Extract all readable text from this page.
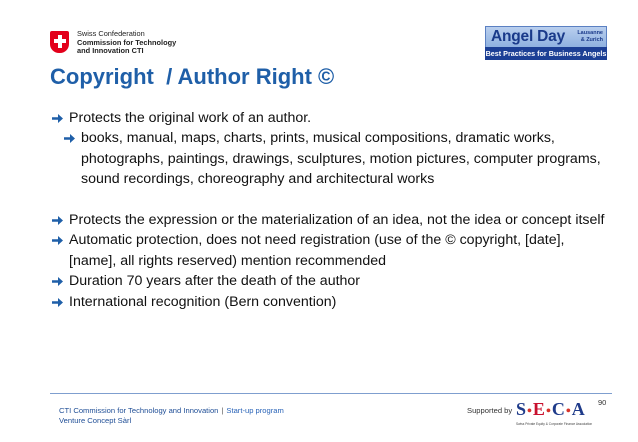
Swiss Confederation
Commission for Technology
and Innovation CTI
Angel Day Lausanne
& Zurich
Best Practices for Business Angels
Copyright  / Author Right ©
Protects the original work of an author.
books, manual, maps, charts, prints, musical compositions, dramatic works, photographs, paintings, drawings, sculptures, motion pictures, computer programs, sound recordings, choreography and architectural works
Protects the expression or the materialization of an idea, not the idea or concept itself
Automatic protection, does not need registration (use of the © copyright, [date], [name], all rights reserved) mention recommended
Duration 70 years after the death of the author
International recognition (Bern convention)
90
CTI Commission for Technology and Innovation | Start-up program
Venture Concept Sàrl
Supported by S•E•C•A
Swiss Private Equity & Corporate Finance Association
